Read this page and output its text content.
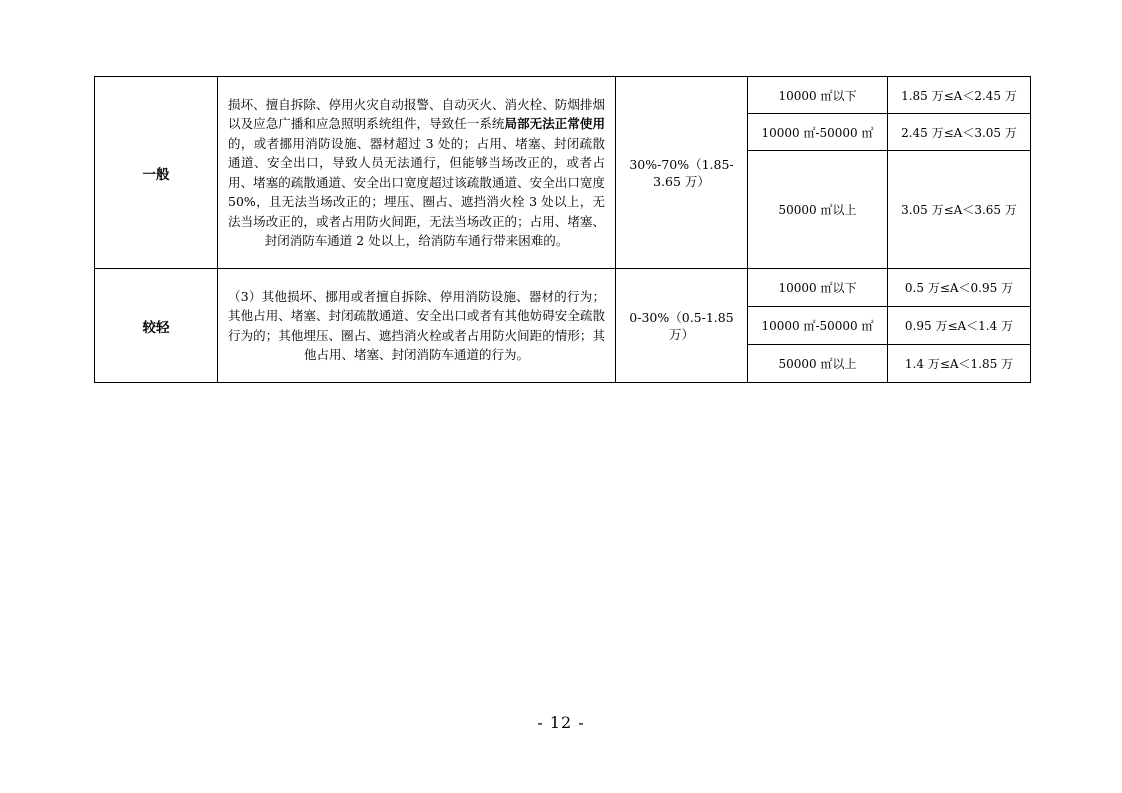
一般	损坏、擅自拆除、停用火灾自动报警、自动灭火、消火栓、防烟排烟以及应急广播和应急照明系统组件，导致任一系统局部无法正常使用的，或者挪用消防设施、器材超过 3 处的；占用、堵塞、封闭疏散通道、安全出口，导致人员无法通行，但能够当场改正的，或者占用、堵塞的疏散通道、安全出口宽度超过该疏散通道、安全出口宽度 50%，且无法当场改正的；埋压、圈占、遮挡消火栓 3 处以上，无法当场改正的，或者占用防火间距，无法当场改正的；占用、堵塞、封闭消防车通道 2 处以上，给消防车通行带来困难的。	30%-70%（1.85-3.65 万）	10000 ㎡以下	1.85 万≤A＜2.45 万
			10000 ㎡-50000 ㎡	2.45 万≤A＜3.05 万
			50000 ㎡以上	3.05 万≤A＜3.65 万
较轻	（3）其他损坏、挪用或者擅自拆除、停用消防设施、器材的行为；其他占用、堵塞、封闭疏散通道、安全出口或者有其他妨碍安全疏散行为的；其他埋压、圈占、遮挡消火栓或者占用防火间距的情形；其他占用、堵塞、封闭消防车通道的行为。	0-30%（0.5-1.85 万）	10000 ㎡以下	0.5 万≤A＜0.95 万
			10000 ㎡-50000 ㎡	0.95 万≤A＜1.4 万
			50000 ㎡以上	1.4 万≤A＜1.85 万
- 12 -
